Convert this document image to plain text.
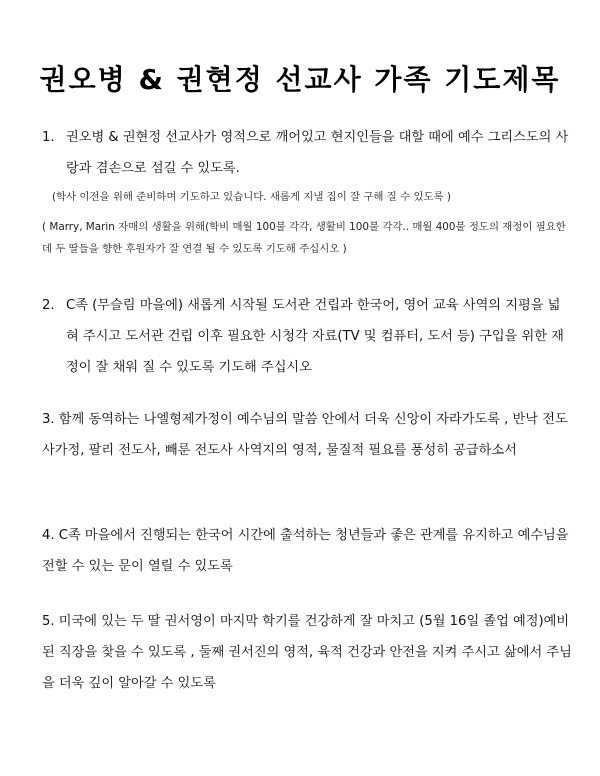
권오병 & 권현정 선교사 가족 기도제목
1. 권오병 & 권현정 선교사가 영적으로 깨어있고 현지인들을 대할 때에 예수 그리스도의 사랑과 겸손으로 섬길 수 있도록.

(학사 이전을 위해 준비하며 기도하고 있습니다. 새롭게 지낼 집이 잘 구해 질 수 있도록 )

( Marry, Marin 자매의 생활을 위해(학비 매월 100불 각각, 생활비 100불 각각.. 매월 400불 정도의 재정이 필요한데 두 딸들을 향한 후원자가 잘 연결 될 수 있도록 기도해 주십시오 )

2. C족 (무슬림 마을에) 새롭게 시작될 도서관 건립과 한국어, 영어 교육 사역의 지평을 넓혀 주시고 도서관 건립 이후 필요한 시청각 자료(TV 및 컴퓨터, 도서 등) 구입을 위한 재정이 잘 채워 질 수 있도록 기도해 주십시오

3. 함께 동역하는 나엘형제가정이 예수님의 말씀 안에서 더욱 신앙이 자라가도록 , 반낙 전도사가정, 팔리 전도사, 빼룬 전도사 사역지의 영적, 물질적 필요를 풍성히 공급하소서

4. C족 마을에서 진행되는 한국어 시간에 출석하는 청년들과 좋은 관계를 유지하고 예수님을 전할 수 있는 문이 열릴 수 있도록

5. 미국에 있는 두 딸 권서영이 마지막 학기를 건강하게 잘 마치고 (5월 16일 졸업 예정)예비된 직장을 찾을 수 있도록 , 둘째 권서진의 영적, 육적 건강과 안전을 지켜 주시고 삶에서 주님을 더욱 깊이 알아갈 수 있도록
